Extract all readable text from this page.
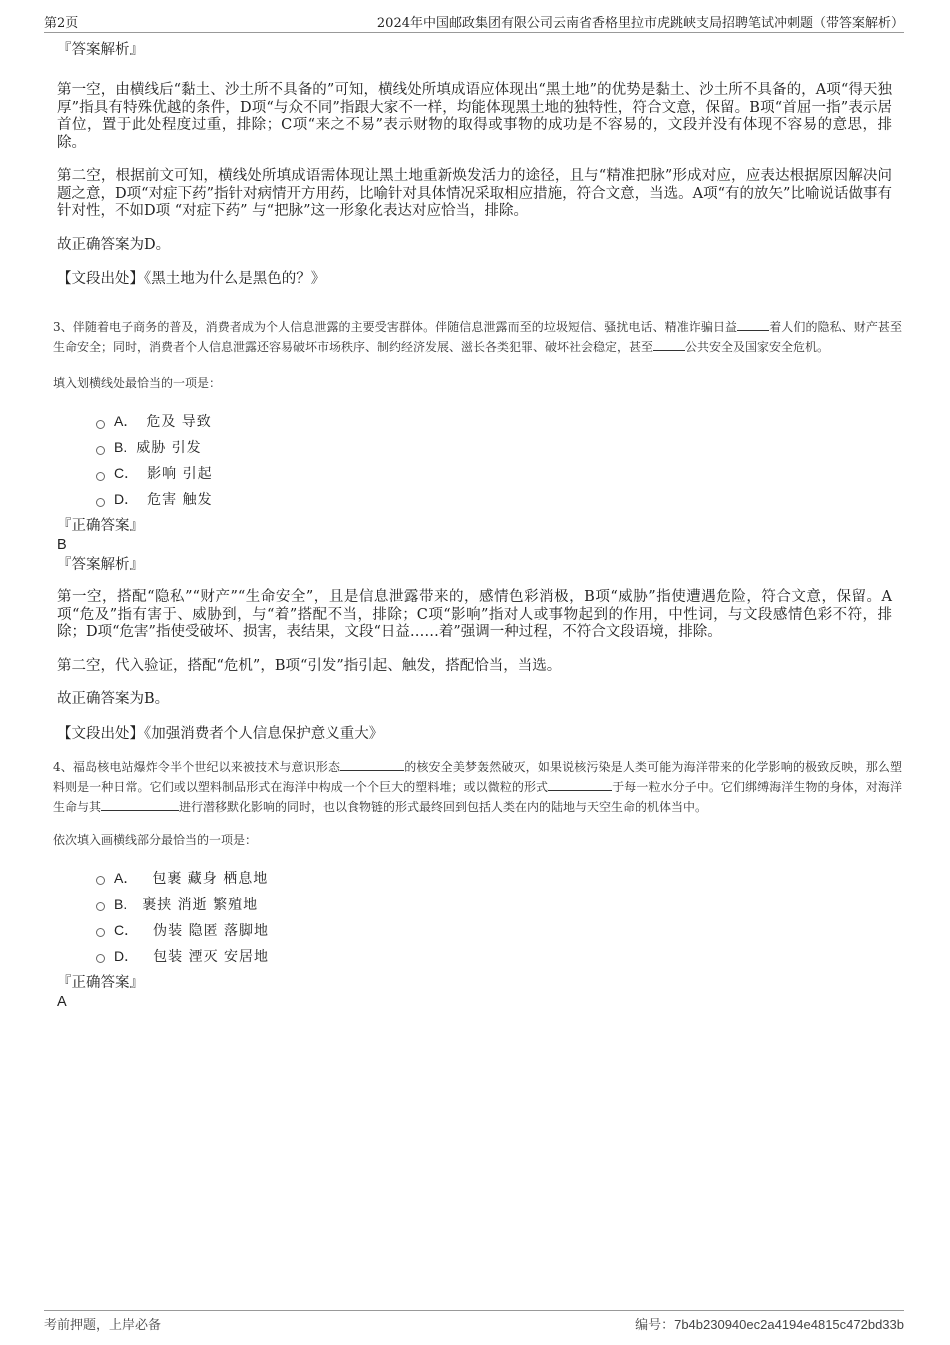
第2页	2024年中国邮政集团有限公司云南省香格里拉市虎跳峡支局招聘笔试冲刺题（带答案解析）
『答案解析』
第一空，由横线后“黏土、沙土所不具备的”可知，横线处所填成语应体现出“黑土地”的优势是黏土、沙土所不具备的，A项“得天独厚”指具有特殊优越的条件，D项“与众不同”指跟大家不一样，均能体现黑土地的独特性，符合文意，保留。B项“首屈一指”表示居首位，置于此处程度过重，排除；C项“来之不易”表示财物的取得或事物的成功是不容易的，文段并没有体现不容易的意思，排除。
第二空，根据前文可知，横线处所填成语需体现让黑土地重新焕发活力的途径，且与“精准把脉”形成对应，应表达根据原因解决问题之意，D项“对症下药”指针对病情开方用药，比喻针对具体情况采取相应措施，符合文意，当选。A项“有的放矢”比喻说话做事有针对性，不如D项 “对症下药” 与“把脉”这一形象化表达对应恰当，排除。
故正确答案为D。
【文段出处】《黑土地为什么是黑色的？》
3、伴随着电子商务的普及，消费者成为个人信息泄露的主要受害群体。伴随信息泄露而至的垃圾短信、骚扰电话、精准诈骗日益	着人们的隐私、财产甚至生命安全；同时，消费者个人信息泄露还容易破坏市场秩序、制约经济发展、滋长各类犯罪、破坏社会稳定，甚至	公共安全及国家安全危机。
填入划横线处最恰当的一项是：
A． 危及 导致
B. 威胁 引发
C． 影响 引起
D． 危害 触发
『正确答案』
B
『答案解析』
第一空，搭配“隐私”“财产”“生命安全”，且是信息泄露带来的，感情色彩消极，B项“威胁”指使遭遇危险，符合文意，保留。A项“危及”指有害于、威胁到，与“着”搭配不当，排除；C项“影响”指对人或事物起到的作用，中性词，与文段感情色彩不符，排除；D项“危害”指使受破坏、损害，表结果，文段“日益……着”强调一种过程，不符合文段语境，排除。
第二空，代入验证，搭配“危机”，B项“引发”指引起、触发，搭配恰当，当选。
故正确答案为B。
【文段出处】《加强消费者个人信息保护意义重大》
4、福岛核电站爆炸令半个世纪以来被技术与意识形态	的核安全美梦轰然破灭，如果说核污染是人类可能为海洋带来的化学影响的极致反映，那么塑料则是一种日常。它们或以塑料制品形式在海洋中构成一个个巨大的塑料堆；或以微粒的形式	于每一粒水分子中。它们绑缚海洋生物的身体，对海洋生命与其	进行潜移默化影响的同时，也以食物链的形式最终回到包括人类在内的陆地与天空生命的机体当中。
依次填入画横线部分最恰当的一项是：
A． 包裹 藏身 栖息地
B. 裹挟 消逝 繁殖地
C． 伪装 隐匿 落脚地
D． 包装 湮灭 安居地
『正确答案』
A
考前押题，上岸必备	编号：7b4b230940ec2a4194e4815c472bd33b
